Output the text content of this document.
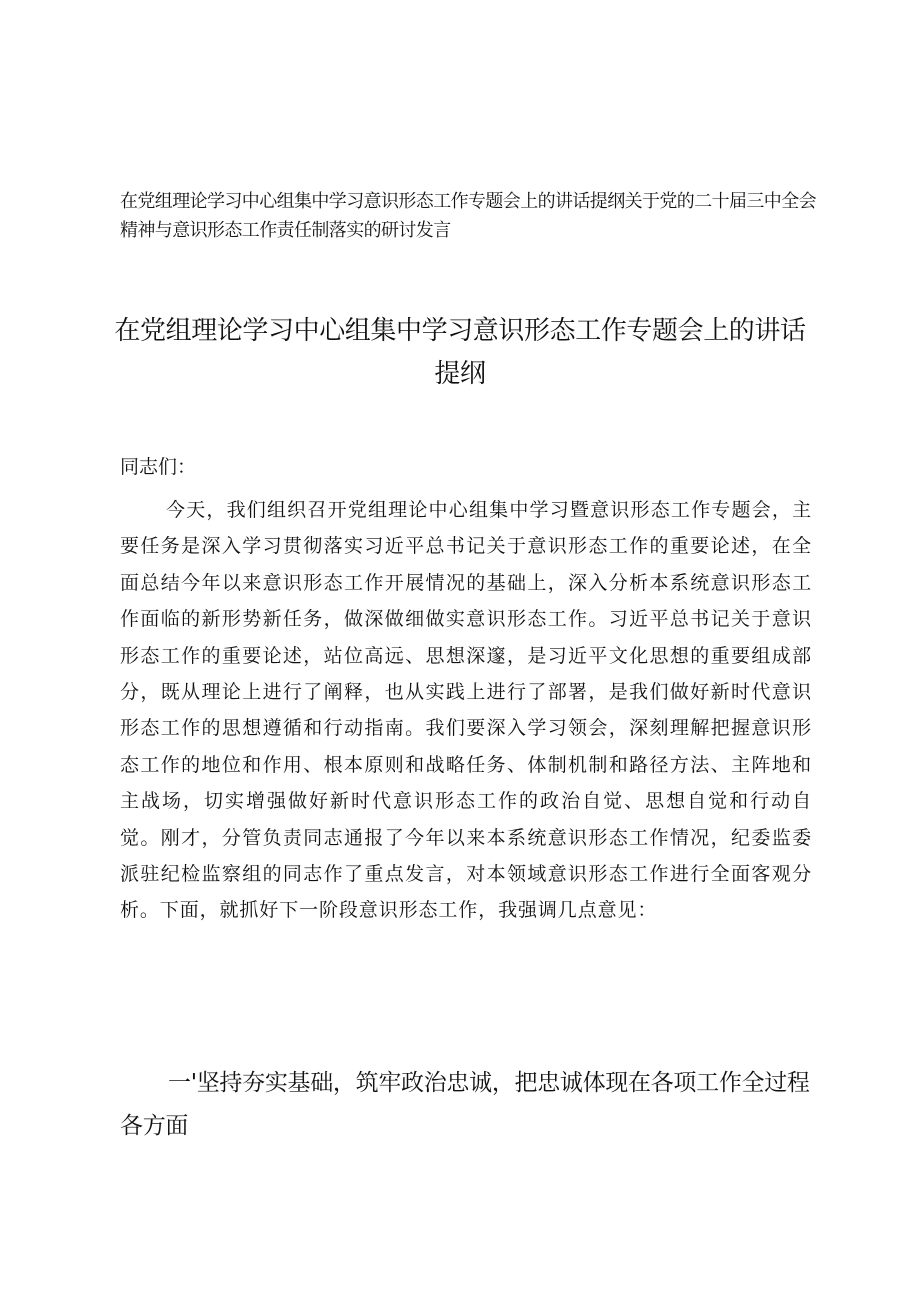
在党组理论学习中心组集中学习意识形态工作专题会上的讲话提纲关于党的二十届三中全会精神与意识形态工作责任制落实的研讨发言

在党组理论学习中心组集中学习意识形态工作专题会上的讲话提纲

同志们：

今天，我们组织召开党组理论中心组集中学习暨意识形态工作专题会，主要任务是深入学习贯彻落实习近平总书记关于意识形态工作的重要论述，在全面总结今年以来意识形态工作开展情况的基础上，深入分析本系统意识形态工作面临的新形势新任务，做深做细做实意识形态工作。习近平总书记关于意识形态工作的重要论述，站位高远、思想深邃，是习近平文化思想的重要组成部分，既从理论上进行了阐释，也从实践上进行了部署，是我们做好新时代意识形态工作的思想遵循和行动指南。我们要深入学习领会，深刻理解把握意识形态工作的地位和作用、根本原则和战略任务、体制机制和路径方法、主阵地和主战场，切实增强做好新时代意识形态工作的政治自觉、思想自觉和行动自觉。刚才，分管负责同志通报了今年以来本系统意识形态工作情况，纪委监委派驻纪检监察组的同志作了重点发言，对本领域意识形态工作进行全面客观分析。下面，就抓好下一阶段意识形态工作，我强调几点意见：

一'坚持夯实基础，筑牢政治忠诚，把忠诚体现在各项工作全过程各方面
